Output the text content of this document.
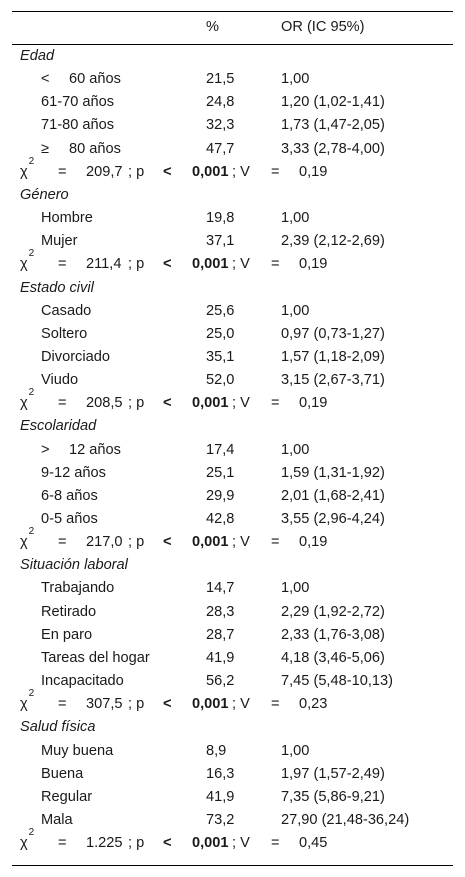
%	OR (IC 95%)
Edad
< 60 años	21,5	1,00
61-70 años	24,8	1,20 (1,02-1,41)
71-80 años	32,3	1,73 (1,47-2,05)
≥ 80 años	47,7	3,33 (2,78-4,00)
$\chi^2$
= 209,7 ; p < 0,001 ; V = 0,19
Género
Hombre	19,8	1,00
Mujer	37,1	2,39 (2,12-2,69)
$\chi^2$
= 211,4 ; p < 0,001 ; V = 0,19
Estado civil
Casado	25,6	1,00
Soltero	25,0	0,97 (0,73-1,27)
Divorciado	35,1	1,57 (1,18-2,09)
Viudo	52,0	3,15 (2,67-3,71)
$\chi^2$
= 208,5 ; p < 0,001 ; V = 0,19
Escolaridad
> 12 años	17,4	1,00
9-12 años	25,1	1,59 (1,31-1,92)
6-8 años	29,9	2,01 (1,68-2,41)
0-5 años	42,8	3,55 (2,96-4,24)
$\chi^2$
= 217,0 ; p < 0,001 ; V = 0,19
Situación laboral
Trabajando	14,7	1,00
Retirado	28,3	2,29 (1,92-2,72)
En paro	28,7	2,33 (1,76-3,08)
Tareas del hogar	41,9	4,18 (3,46-5,06)
Incapacitado	56,2	7,45 (5,48-10,13)
$\chi^2$
= 307,5 ; p < 0,001 ; V = 0,23
Salud física
Muy buena	8,9	1,00
Buena	16,3	1,97 (1,57-2,49)
Regular	41,9	7,35 (5,86-9,21)
Mala	73,2	27,90 (21,48-36,24)
$\chi^2$
= 1.225 ; p < 0,001 ; V = 0,45
